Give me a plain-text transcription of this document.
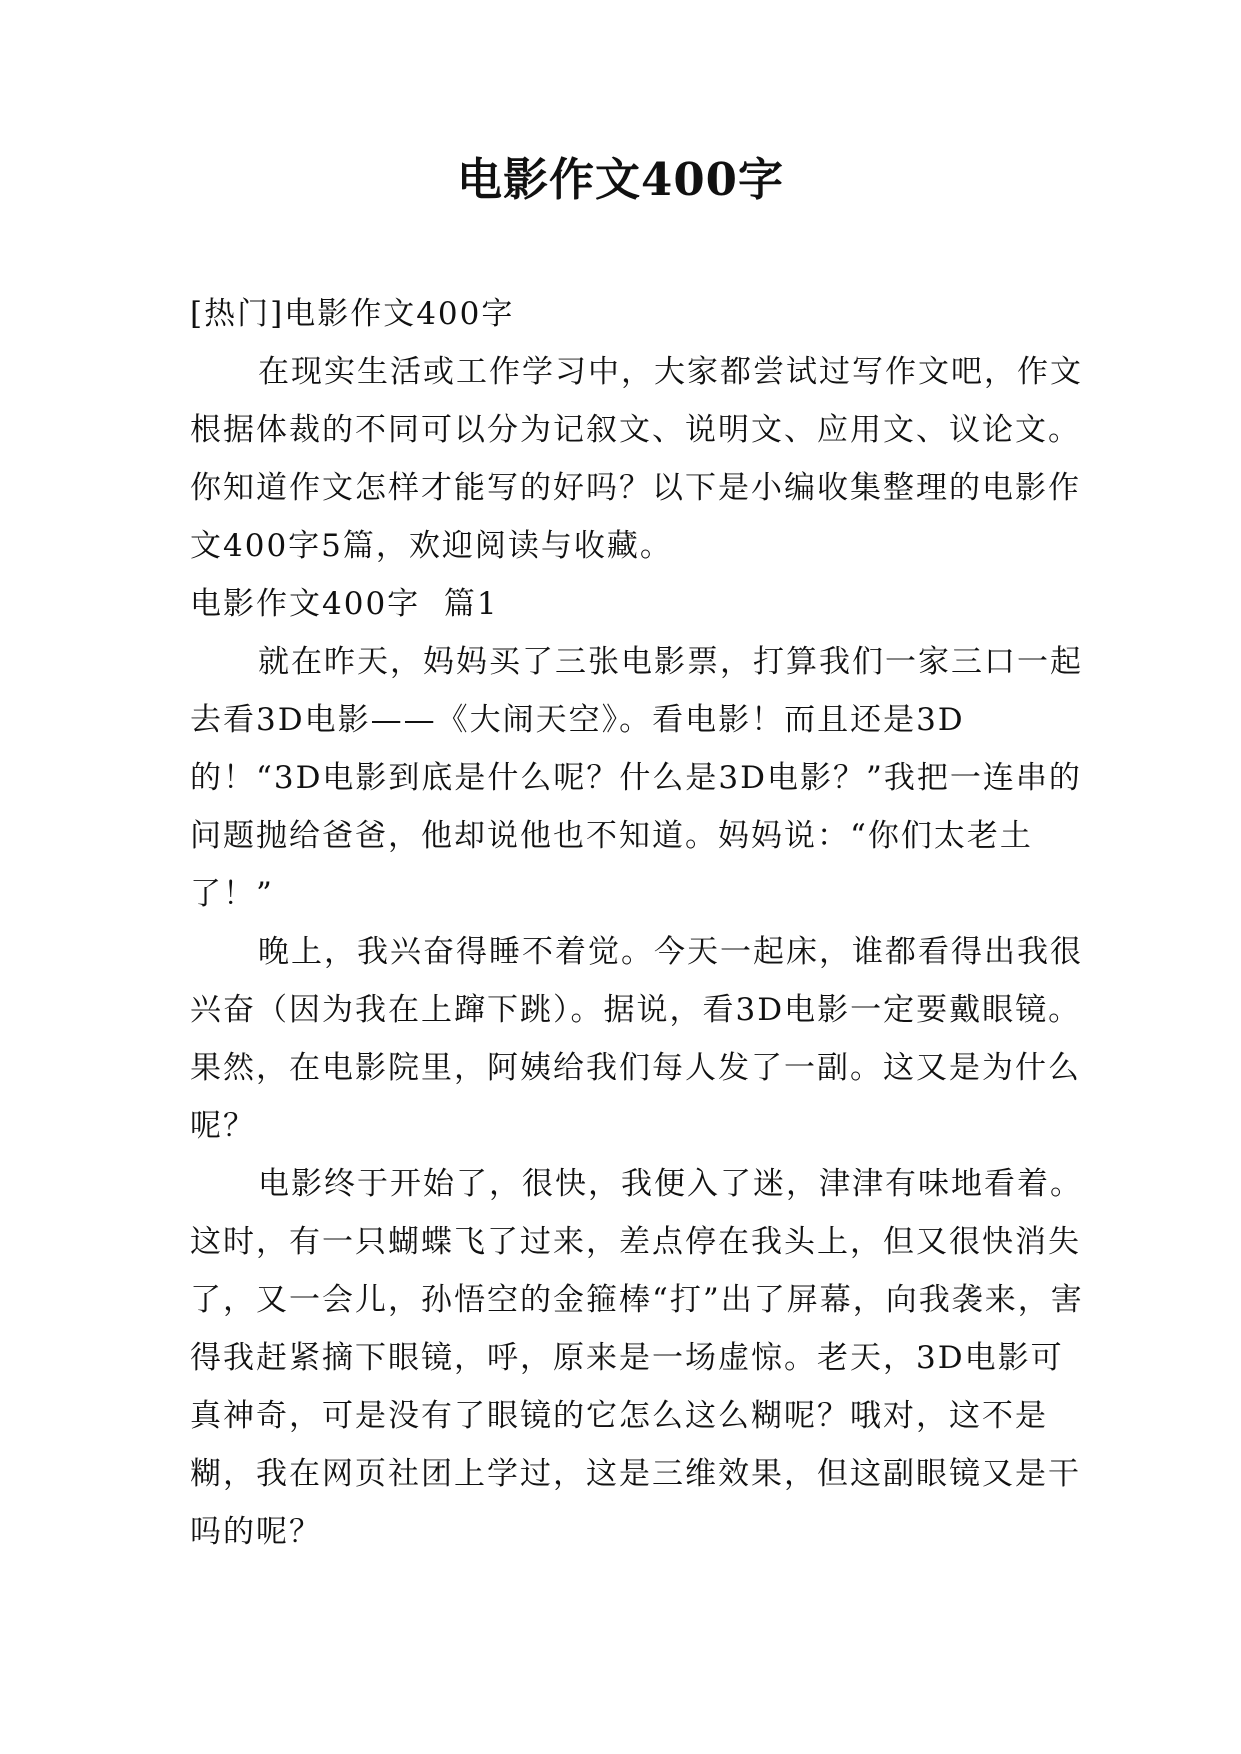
电影作文400字

[热门]电影作文400字

在现实生活或工作学习中，大家都尝试过写作文吧，作文根据体裁的不同可以分为记叙文、说明文、应用文、议论文。你知道作文怎样才能写的好吗？以下是小编收集整理的电影作文400字5篇，欢迎阅读与收藏。

电影作文400字  篇1

就在昨天，妈妈买了三张电影票，打算我们一家三口一起去看3D电影——《大闹天空》。看电影！而且还是3D的！“3D电影到底是什么呢？什么是3D电影？”我把一连串的问题抛给爸爸，他却说他也不知道。妈妈说：“你们太老土了！”

晚上，我兴奋得睡不着觉。今天一起床，谁都看得出我很兴奋（因为我在上蹿下跳）。据说，看3D电影一定要戴眼镜。果然，在电影院里，阿姨给我们每人发了一副。这又是为什么呢？

电影终于开始了，很快，我便入了迷，津津有味地看着。这时，有一只蝴蝶飞了过来，差点停在我头上，但又很快消失了，又一会儿，孙悟空的金箍棒“打”出了屏幕，向我袭来，害得我赶紧摘下眼镜，呼，原来是一场虚惊。老天，3D电影可真神奇，可是没有了眼镜的它怎么这么糊呢？哦对，这不是糊，我在网页社团上学过，这是三维效果，但这副眼镜又是干吗的呢？
